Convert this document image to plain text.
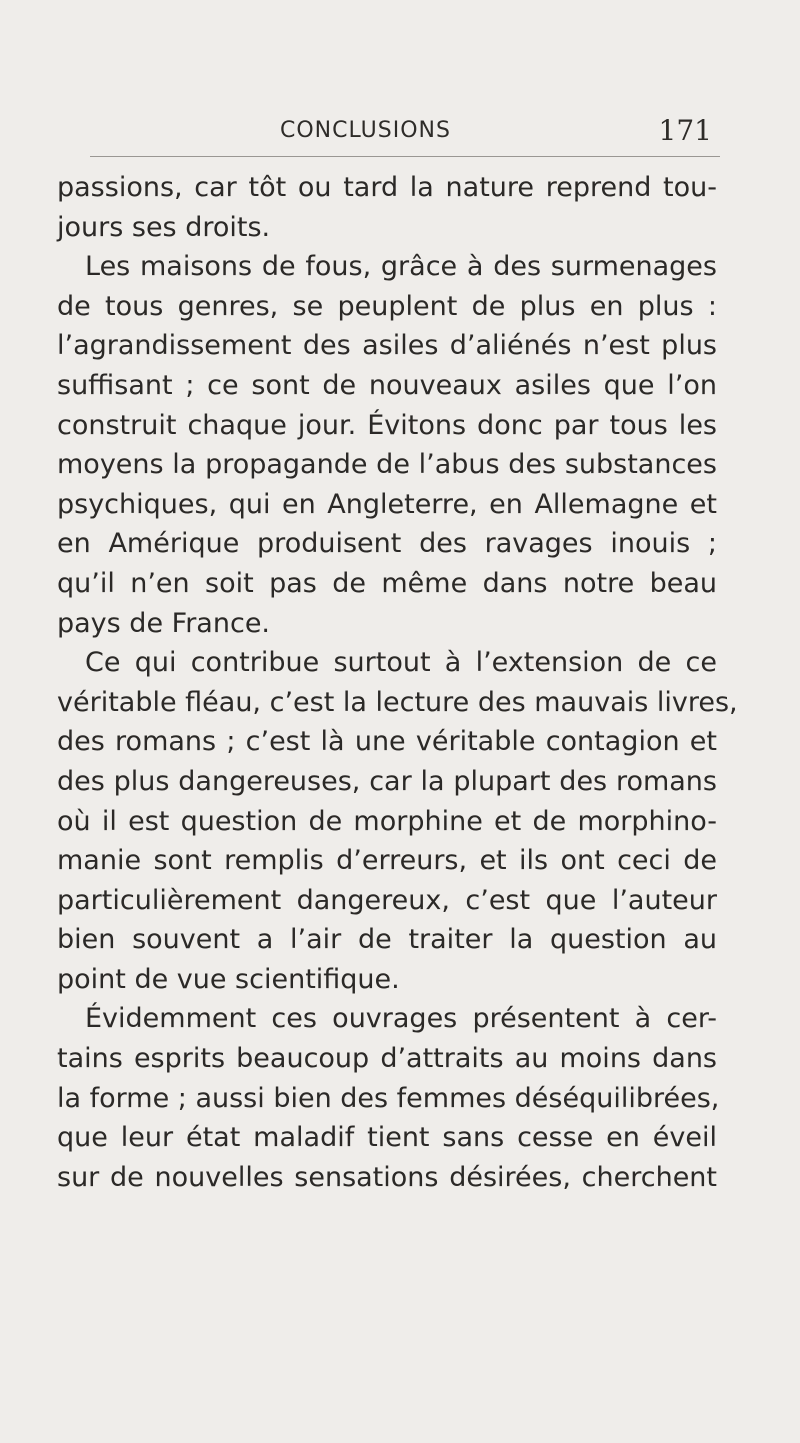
CONCLUSIONS	171
passions, car tôt ou tard la nature reprend tou-
jours ses droits.
Les maisons de fous, grâce à des surmenages
de tous genres, se peuplent de plus en plus :
l’agrandissement des asiles d’aliénés n’est plus
suffisant ; ce sont de nouveaux asiles que l’on
construit chaque jour. Évitons donc par tous les
moyens la propagande de l’abus des substances
psychiques, qui en Angleterre, en Allemagne et
en Amérique produisent des ravages inouis ;
qu’il n’en soit pas de même dans notre beau
pays de France.
Ce qui contribue surtout à l’extension de ce
véritable fléau, c’est la lecture des mauvais livres,
des romans ; c’est là une véritable contagion et
des plus dangereuses, car la plupart des romans
où il est question de morphine et de morphino-
manie sont remplis d’erreurs, et ils ont ceci de
particulièrement dangereux, c’est que l’auteur
bien souvent a l’air de traiter la question au
point de vue scientifique.
Évidemment ces ouvrages présentent à cer-
tains esprits beaucoup d’attraits au moins dans
la forme ; aussi bien des femmes déséquilibrées,
que leur état maladif tient sans cesse en éveil
sur de nouvelles sensations désirées, cherchent
